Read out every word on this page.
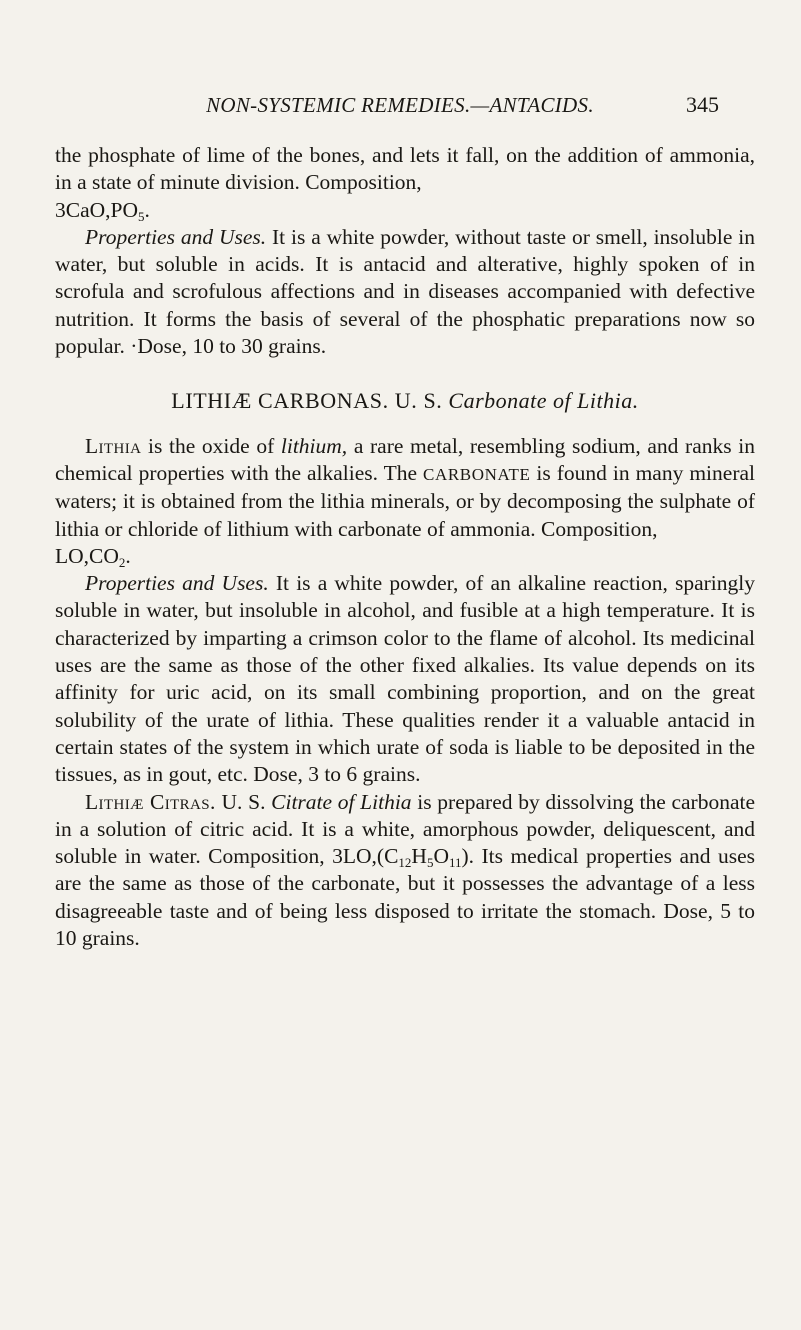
NON-SYSTEMIC REMEDIES.—ANTACIDS.	345

the phosphate of lime of the bones, and lets it fall, on the addition of ammonia, in a state of minute division. Composition,

$3CaO,PO_5$.

Properties and Uses. It is a white powder, without taste or smell, insoluble in water, but soluble in acids. It is antacid and alterative, highly spoken of in scrofula and scrofulous affections and in diseases accompanied with defective nutrition. It forms the basis of several of the phosphatic preparations now so popular. ·Dose, 10 to 30 grains.

LITHIÆ CARBONAS. U. S. Carbonate of Lithia.

Lithia is the oxide of lithium, a rare metal, resembling sodium, and ranks in chemical properties with the alkalies. The CARBONATE is found in many mineral waters; it is obtained from the lithia minerals, or by decomposing the sulphate of lithia or chloride of lithium with carbonate of ammonia. Composition,

$LO,CO_2$.

Properties and Uses. It is a white powder, of an alkaline reaction, sparingly soluble in water, but insoluble in alcohol, and fusible at a high temperature. It is characterized by imparting a crimson color to the flame of alcohol. Its medicinal uses are the same as those of the other fixed alkalies. Its value depends on its affinity for uric acid, on its small combining proportion, and on the great solubility of the urate of lithia. These qualities render it a valuable antacid in certain states of the system in which urate of soda is liable to be deposited in the tissues, as in gout, etc. Dose, 3 to 6 grains.

Lithiæ Citras. U. S. Citrate of Lithia is prepared by dissolving the carbonate in a solution of citric acid. It is a white, amorphous powder, deliquescent, and soluble in water. Composition, $3LO,(C_{12}H_5O_{11})$. Its medical properties and uses are the same as those of the carbonate, but it possesses the advantage of a less disagreeable taste and of being less disposed to irritate the stomach. Dose, 5 to 10 grains.
